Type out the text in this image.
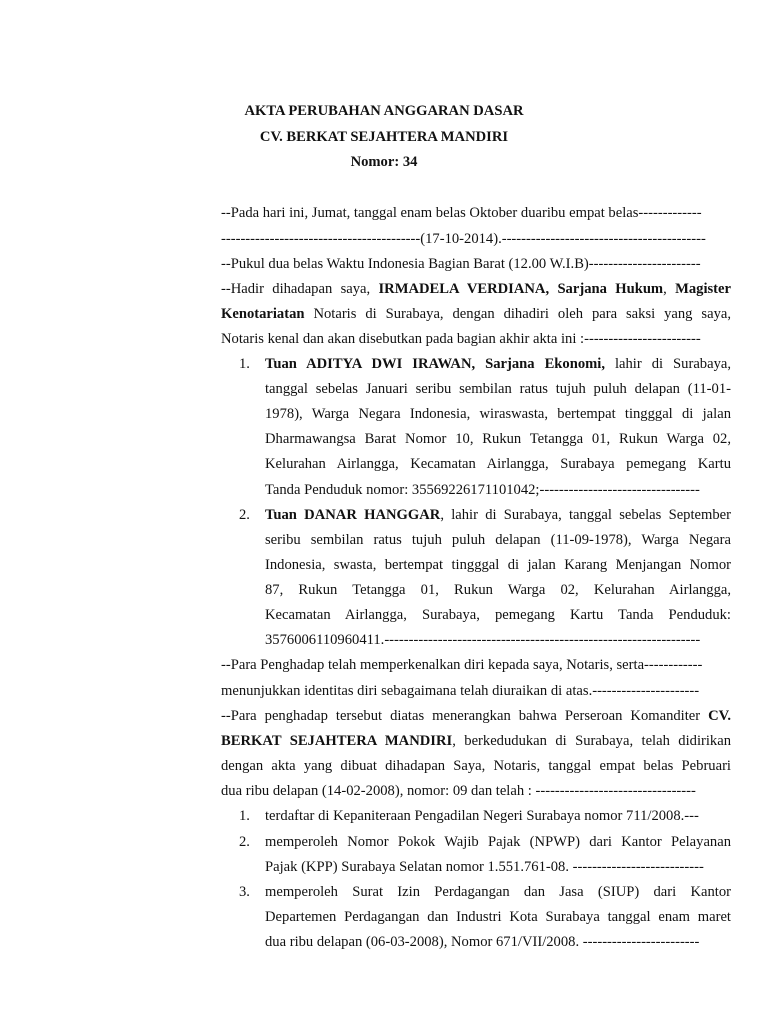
AKTA PERUBAHAN ANGGARAN DASAR
CV. BERKAT SEJAHTERA MANDIRI
Nomor: 34
--Pada hari ini, Jumat, tanggal enam belas Oktober duaribu empat belas-------------
-----------------------------------------(17-10-2014).------------------------------------------
--Pukul dua belas Waktu Indonesia Bagian Barat (12.00 W.I.B)-----------------------
--Hadir dihadapan saya, IRMADELA VERDIANA, Sarjana Hukum, Magister
Kenotariatan Notaris di Surabaya, dengan dihadiri oleh para saksi yang saya,
Notaris kenal dan akan disebutkan pada bagian akhir akta ini :------------------------
1. Tuan ADITYA DWI IRAWAN, Sarjana Ekonomi, lahir di Surabaya,
tanggal sebelas Januari seribu sembilan ratus tujuh puluh delapan (11-01-
1978), Warga Negara Indonesia, wiraswasta, bertempat tingggal di jalan
Dharmawangsa Barat Nomor 10, Rukun Tetangga 01, Rukun Warga 02,
Kelurahan Airlangga, Kecamatan Airlangga, Surabaya pemegang Kartu
Tanda Penduduk nomor: 35569226171101042;---------------------------------
2. Tuan DANAR HANGGAR, lahir di Surabaya, tanggal sebelas September
seribu sembilan ratus tujuh puluh delapan (11-09-1978), Warga Negara
Indonesia, swasta, bertempat tingggal di jalan Karang Menjangan Nomor
87, Rukun Tetangga 01, Rukun Warga 02, Kelurahan Airlangga,
Kecamatan Airlangga, Surabaya, pemegang Kartu Tanda Penduduk:
3576006110960411.-----------------------------------------------------------------
--Para Penghadap telah memperkenalkan diri kepada saya, Notaris, serta------------
menunjukkan identitas diri sebagaimana telah diuraikan di atas.----------------------
--Para penghadap tersebut diatas menerangkan bahwa Perseroan Komanditer CV.
BERKAT SEJAHTERA MANDIRI, berkedudukan di Surabaya, telah didirikan
dengan akta yang dibuat dihadapan Saya, Notaris, tanggal empat belas Pebruari
dua ribu delapan (14-02-2008), nomor: 09 dan telah : ---------------------------------
1. terdaftar di Kepaniteraan Pengadilan Negeri Surabaya nomor 711/2008.---
2. memperoleh Nomor Pokok Wajib Pajak (NPWP) dari Kantor Pelayanan
Pajak (KPP) Surabaya Selatan nomor 1.551.761-08. ---------------------------
3. memperoleh Surat Izin Perdagangan dan Jasa (SIUP) dari Kantor
Departemen Perdagangan dan Industri Kota Surabaya tanggal enam maret
dua ribu delapan (06-03-2008), Nomor 671/VII/2008. ------------------------
